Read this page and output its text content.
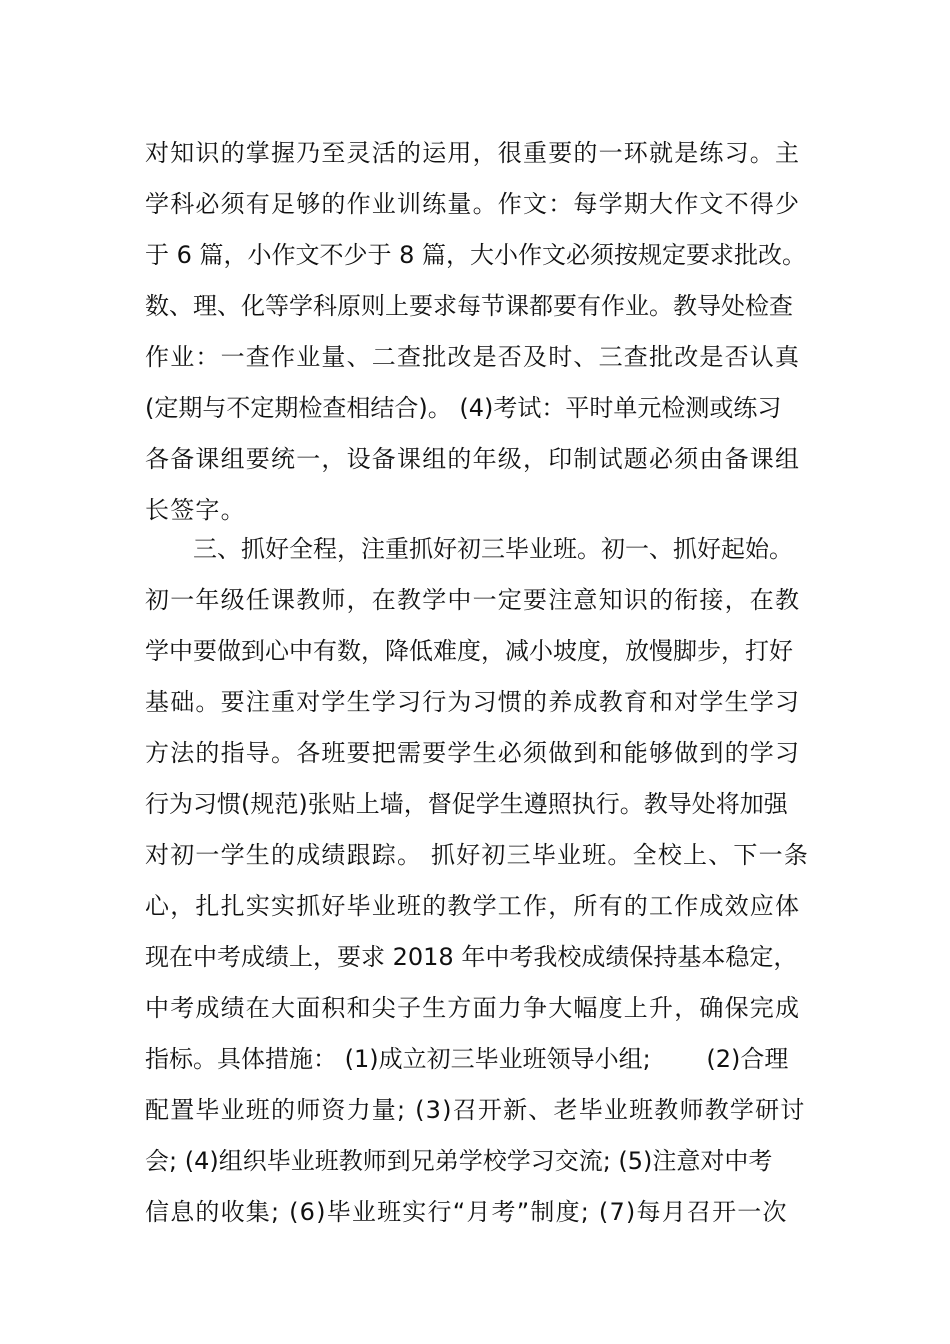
对知识的掌握乃至灵活的运用，很重要的一环就是练习。主
学科必须有足够的作业训练量。作文：每学期大作文不得少
于 6 篇，小作文不少于 8 篇，大小作文必须按规定要求批改。
数、理、化等学科原则上要求每节课都要有作业。教导处检查
作业：一查作业量、二查批改是否及时、三查批改是否认真
(定期与不定期检查相结合)。 (4)考试：平时单元检测或练习
各备课组要统一，设备课组的年级，印制试题必须由备课组
长签字。
　　三、抓好全程，注重抓好初三毕业班。初一、抓好起始。
初一年级任课教师，在教学中一定要注意知识的衔接，在教
学中要做到心中有数，降低难度，减小坡度，放慢脚步，打好
基础。要注重对学生学习行为习惯的养成教育和对学生学习
方法的指导。各班要把需要学生必须做到和能够做到的学习
行为习惯(规范)张贴上墙，督促学生遵照执行。教导处将加强
对初一学生的成绩跟踪。 抓好初三毕业班。全校上、下一条
心，扎扎实实抓好毕业班的教学工作，所有的工作成效应体
现在中考成绩上，要求 2018 年中考我校成绩保持基本稳定，
中考成绩在大面积和尖子生方面力争大幅度上升，确保完成
指标。具体措施： (1)成立初三毕业班领导小组;　　 (2)合理
配置毕业班的师资力量; (3)召开新、老毕业班教师教学研讨
会; (4)组织毕业班教师到兄弟学校学习交流; (5)注意对中考
信息的收集; (6)毕业班实行“月考”制度; (7)每月召开一次
